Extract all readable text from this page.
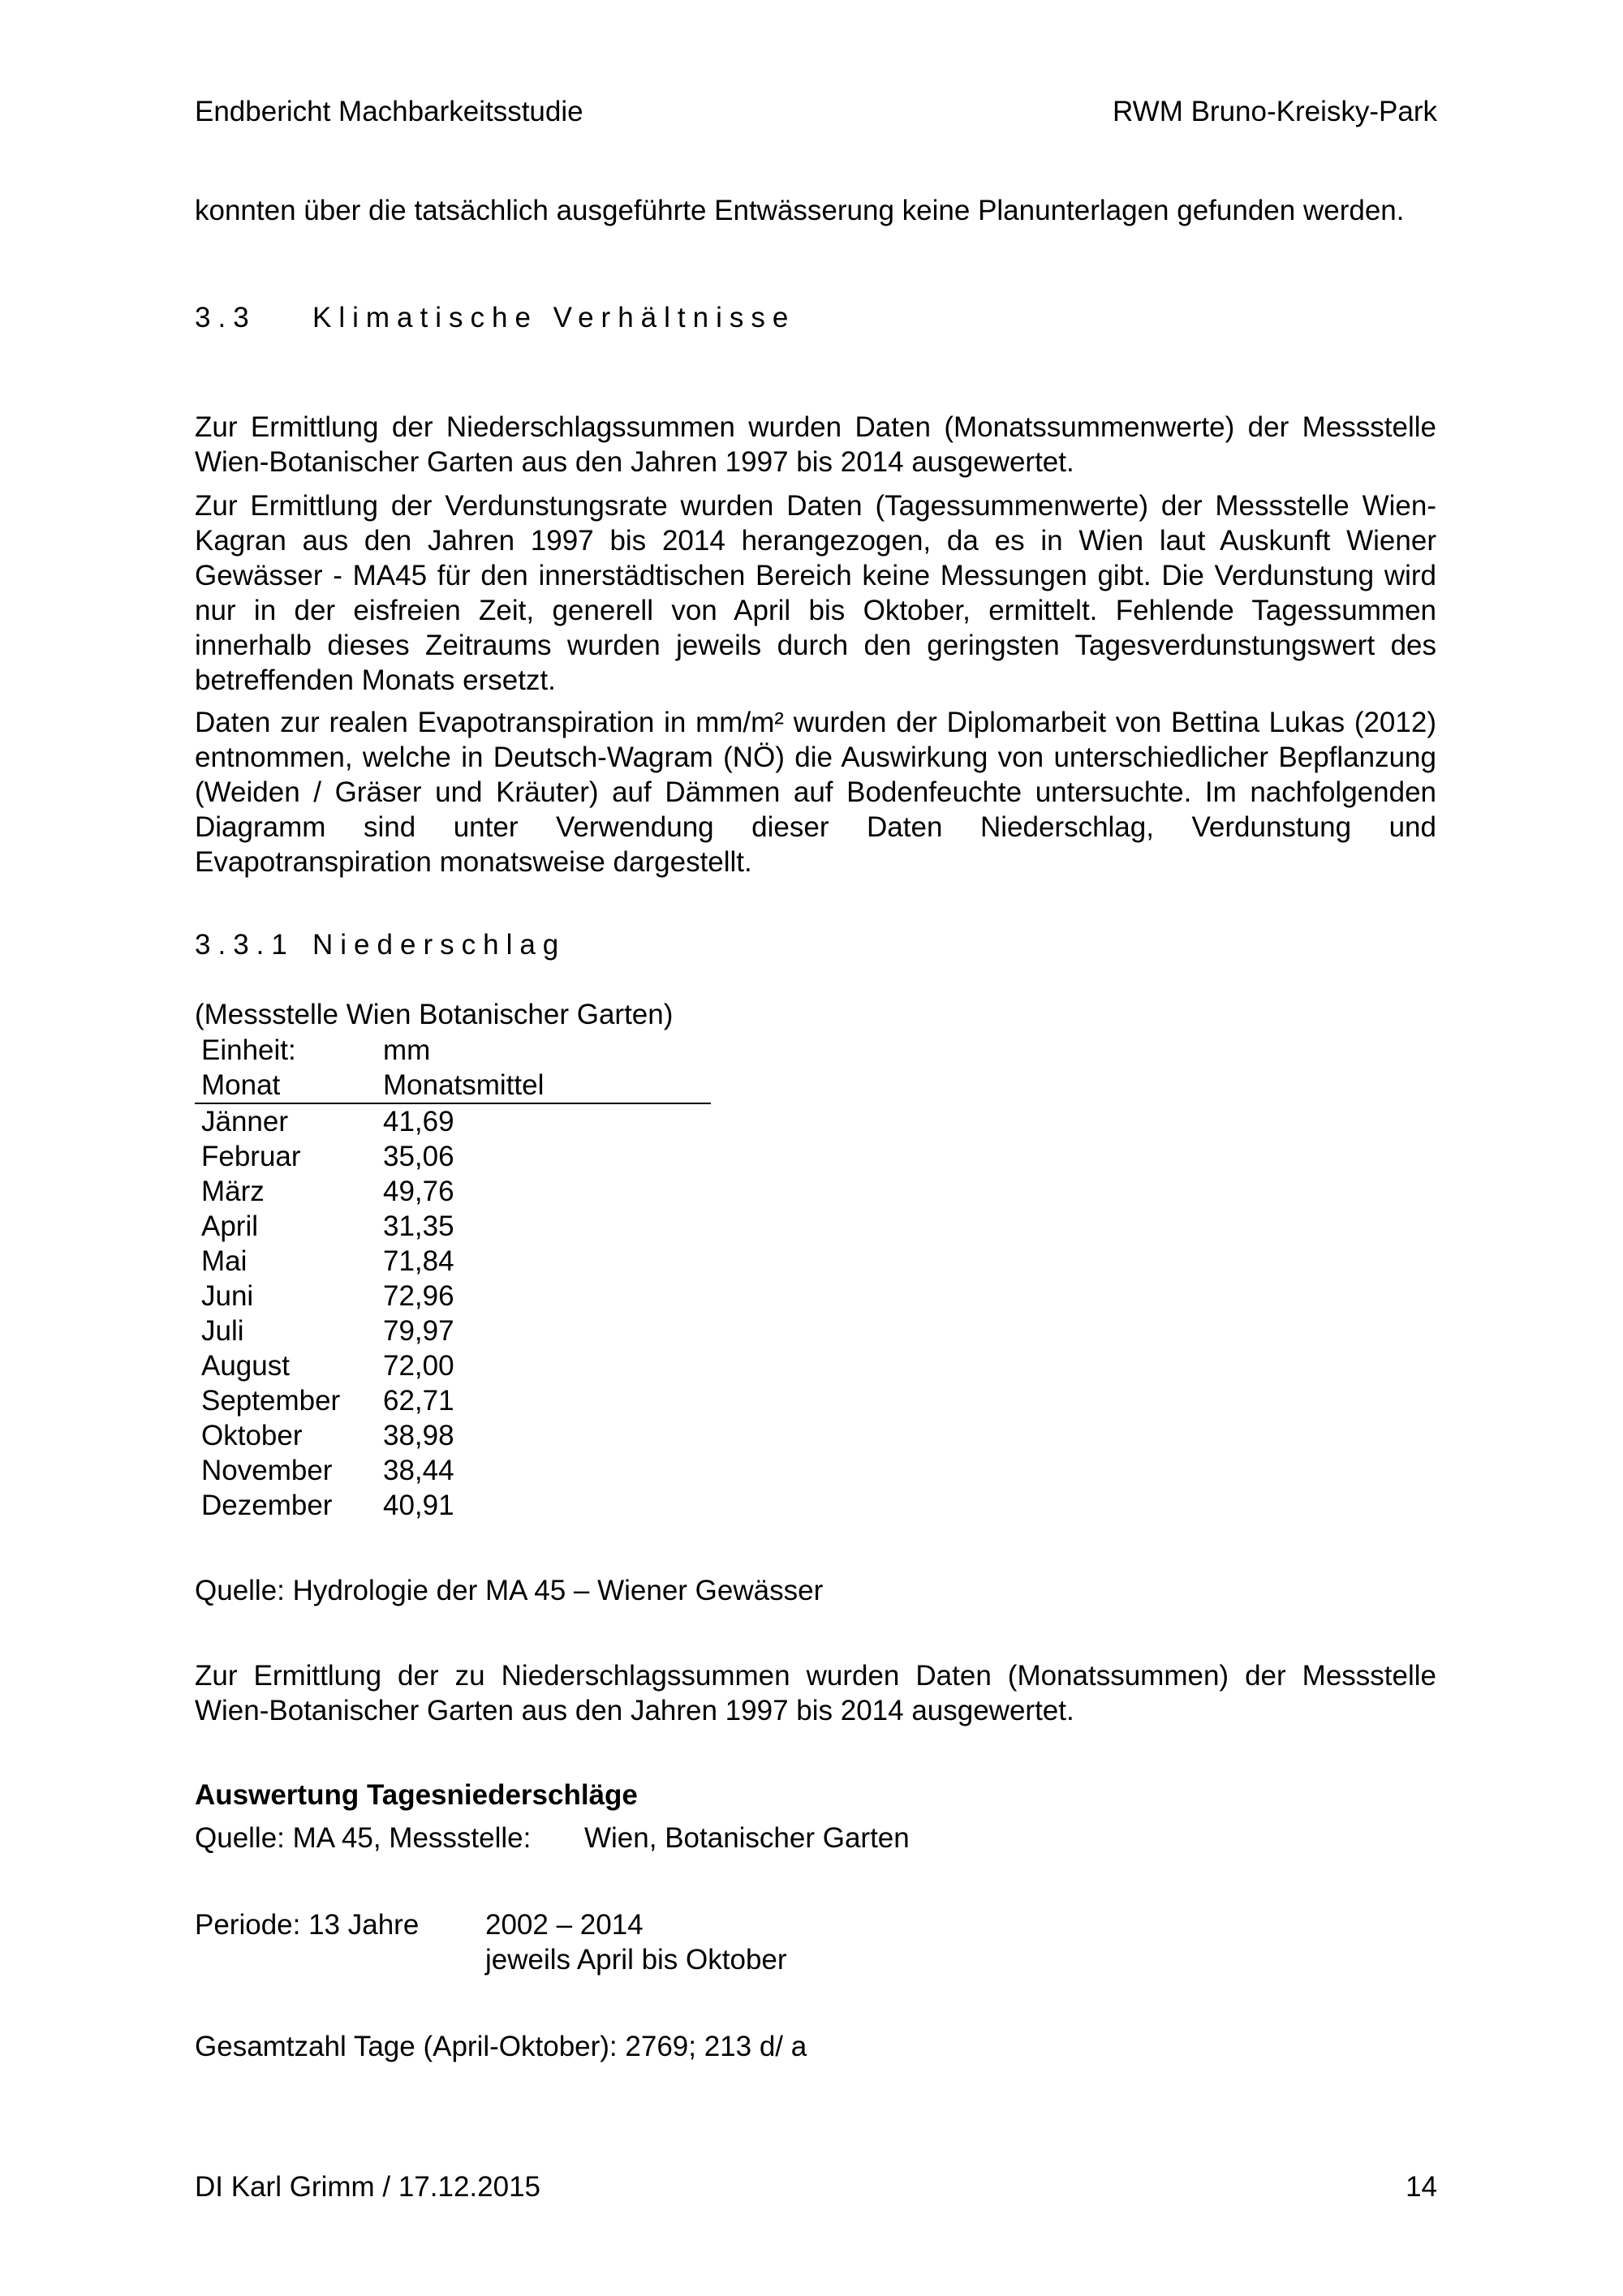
Endbericht Machbarkeitsstudie	RWM Bruno-Kreisky-Park
konnten über die tatsächlich ausgeführte Entwässerung keine Planunterlagen gefunden werden.
3.3 Klimatische Verhältnisse
Zur Ermittlung der Niederschlagssummen wurden Daten (Monatssummenwerte) der Messstelle Wien-Botanischer Garten aus den Jahren 1997 bis 2014 ausgewertet.
Zur Ermittlung der Verdunstungsrate wurden Daten (Tagessummenwerte) der Messstelle Wien-Kagran aus den Jahren 1997 bis 2014 herangezogen, da es in Wien laut Auskunft Wiener Gewässer - MA45 für den innerstädtischen Bereich keine Messungen gibt. Die Verdunstung wird nur in der eisfreien Zeit, generell von April bis Oktober, ermittelt. Fehlende Tagessummen innerhalb dieses Zeitraums wurden jeweils durch den geringsten Tagesverdunstungswert des betreffenden Monats ersetzt.
Daten zur realen Evapotranspiration in mm/m² wurden der Diplomarbeit von Bettina Lukas (2012) entnommen, welche in Deutsch-Wagram (NÖ) die Auswirkung von unterschiedlicher Bepflanzung (Weiden / Gräser und Kräuter) auf Dämmen auf Bodenfeuchte untersuchte. Im nachfolgenden Diagramm sind unter Verwendung dieser Daten Niederschlag, Verdunstung und Evapotranspiration monatsweise dargestellt.
3.3.1 Niederschlag
(Messstelle Wien Botanischer Garten)
Einheit:	mm
Monat	Monatsmittel
Jänner	41,69
Februar	35,06
März	49,76
April	31,35
Mai	71,84
Juni	72,96
Juli	79,97
August	72,00
September	62,71
Oktober	38,98
November	38,44
Dezember	40,91
Quelle: Hydrologie der MA 45 – Wiener Gewässer
Zur Ermittlung der zu Niederschlagssummen wurden Daten (Monatssummen) der Messstelle Wien-Botanischer Garten aus den Jahren 1997 bis 2014 ausgewertet.
Auswertung Tagesniederschläge
Quelle: MA 45, Messstelle: Wien, Botanischer Garten
Periode: 13 Jahre 2002 – 2014
jeweils April bis Oktober
Gesamtzahl Tage (April-Oktober): 2769; 213 d/ a
DI Karl Grimm / 17.12.2015	14
